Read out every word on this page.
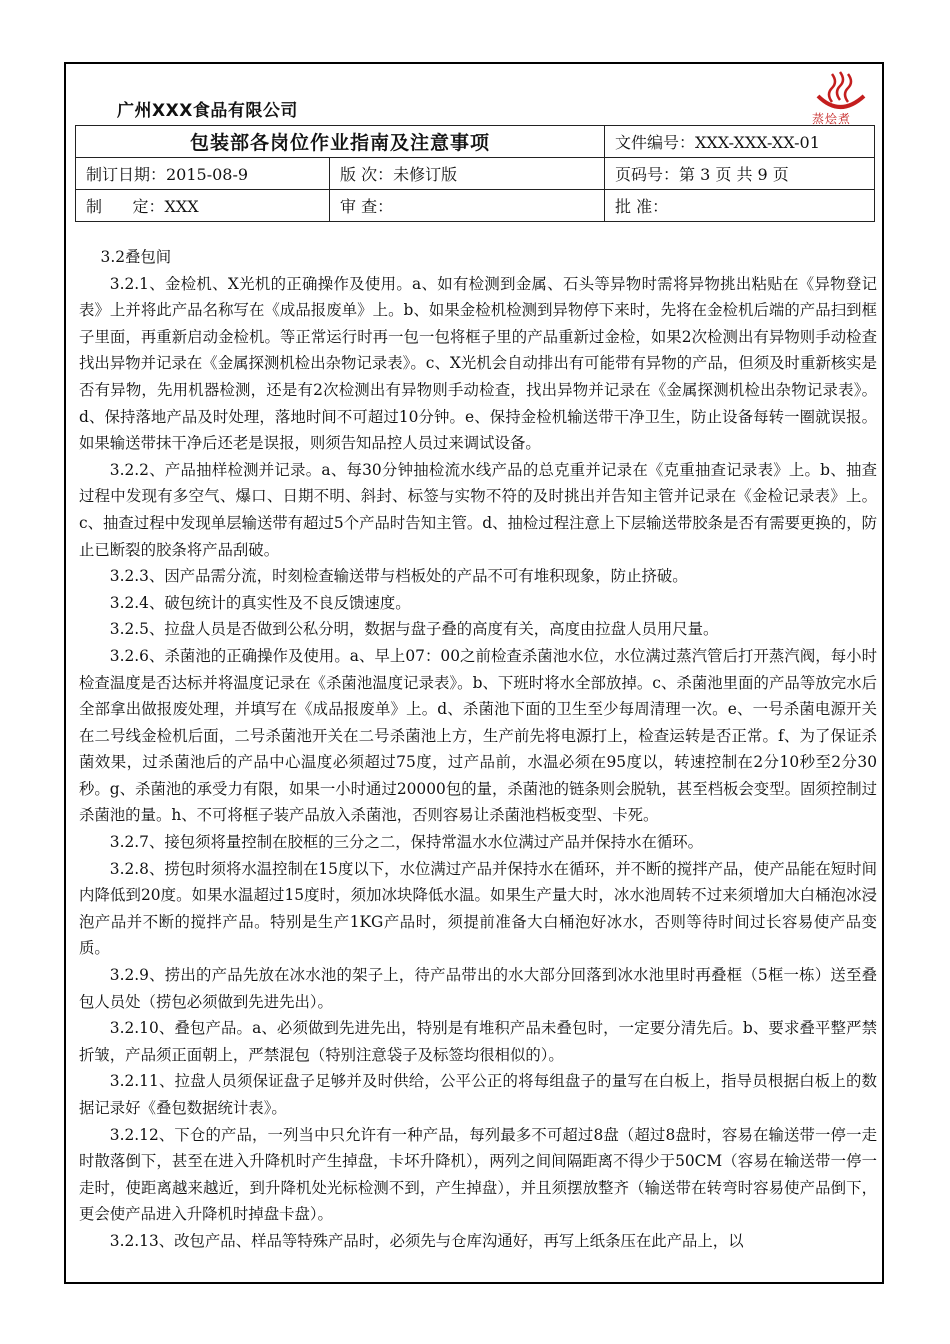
广州XXX食品有限公司	蒸烩煮
包装部各岗位作业指南及注意事项		文件编号：XXX-XXX-XX-01
制订日期：2015-08-9	版 次：未修订版	页码号：第 3 页 共 9 页
制      定：XXX	审 查：	批 准：

3.2叠包间

3.2.1、金检机、X光机的正确操作及使用。a、如有检测到金属、石头等异物时需将异物挑出粘贴在《异物登记表》上并将此产品名称写在《成品报废单》上。b、如果金检机检测到异物停下来时，先将在金检机后端的产品扫到框子里面，再重新启动金检机。等正常运行时再一包一包将框子里的产品重新过金检，如果2次检测出有异物则手动检查找出异物并记录在《金属探测机检出杂物记录表》。c、X光机会自动排出有可能带有异物的产品，但须及时重新核实是否有异物，先用机器检测，还是有2次检测出有异物则手动检查，找出异物并记录在《金属探测机检出杂物记录表》。d、保持落地产品及时处理，落地时间不可超过10分钟。e、保持金检机输送带干净卫生，防止设备每转一圈就误报。如果输送带抹干净后还老是误报，则须告知品控人员过来调试设备。

3.2.2、产品抽样检测并记录。a、每30分钟抽检流水线产品的总克重并记录在《克重抽查记录表》上。b、抽查过程中发现有多空气、爆口、日期不明、斜封、标签与实物不符的及时挑出并告知主管并记录在《金检记录表》上。c、抽查过程中发现单层输送带有超过5个产品时告知主管。d、抽检过程注意上下层输送带胶条是否有需要更换的，防止已断裂的胶条将产品刮破。

3.2.3、因产品需分流，时刻检查输送带与档板处的产品不可有堆积现象，防止挤破。

3.2.4、破包统计的真实性及不良反馈速度。

3.2.5、拉盘人员是否做到公私分明，数据与盘子叠的高度有关，高度由拉盘人员用尺量。

3.2.6、杀菌池的正确操作及使用。a、早上07：00之前检查杀菌池水位，水位满过蒸汽管后打开蒸汽阀，每小时检查温度是否达标并将温度记录在《杀菌池温度记录表》。b、下班时将水全部放掉。c、杀菌池里面的产品等放完水后全部拿出做报废处理，并填写在《成品报废单》上。d、杀菌池下面的卫生至少每周清理一次。e、一号杀菌电源开关在二号线金检机后面，二号杀菌池开关在二号杀菌池上方，生产前先将电源打上，检查运转是否正常。f、为了保证杀菌效果，过杀菌池后的产品中心温度必须超过75度，过产品前，水温必须在95度以，转速控制在2分10秒至2分30秒。g、杀菌池的承受力有限，如果一小时通过20000包的量，杀菌池的链条则会脱轨，甚至档板会变型。固须控制过杀菌池的量。h、不可将框子装产品放入杀菌池，否则容易让杀菌池档板变型、卡死。

3.2.7、接包须将量控制在胶框的三分之二，保持常温水水位满过产品并保持水在循环。

3.2.8、捞包时须将水温控制在15度以下，水位满过产品并保持水在循环，并不断的搅拌产品，使产品能在短时间内降低到20度。如果水温超过15度时，须加冰块降低水温。如果生产量大时，冰水池周转不过来须增加大白桶泡冰浸泡产品并不断的搅拌产品。特别是生产1KG产品时，须提前准备大白桶泡好冰水，否则等待时间过长容易使产品变质。

3.2.9、捞出的产品先放在冰水池的架子上，待产品带出的水大部分回落到冰水池里时再叠框（5框一栋）送至叠包人员处（捞包必须做到先进先出）。

3.2.10、叠包产品。a、必须做到先进先出，特别是有堆积产品未叠包时，一定要分清先后。b、要求叠平整严禁折皱，产品须正面朝上，严禁混包（特别注意袋子及标签均很相似的）。

3.2.11、拉盘人员须保证盘子足够并及时供给，公平公正的将每组盘子的量写在白板上，指导员根据白板上的数据记录好《叠包数据统计表》。

3.2.12、下仓的产品，一列当中只允许有一种产品，每列最多不可超过8盘（超过8盘时，容易在输送带一停一走时散落倒下，甚至在进入升降机时产生掉盘，卡坏升降机），两列之间间隔距离不得少于50CM（容易在输送带一停一走时，使距离越来越近，到升降机处光标检测不到，产生掉盘），并且须摆放整齐（输送带在转弯时容易使产品倒下，更会使产品进入升降机时掉盘卡盘）。

3.2.13、改包产品、样品等特殊产品时，必须先与仓库沟通好，再写上纸条压在此产品上，以
